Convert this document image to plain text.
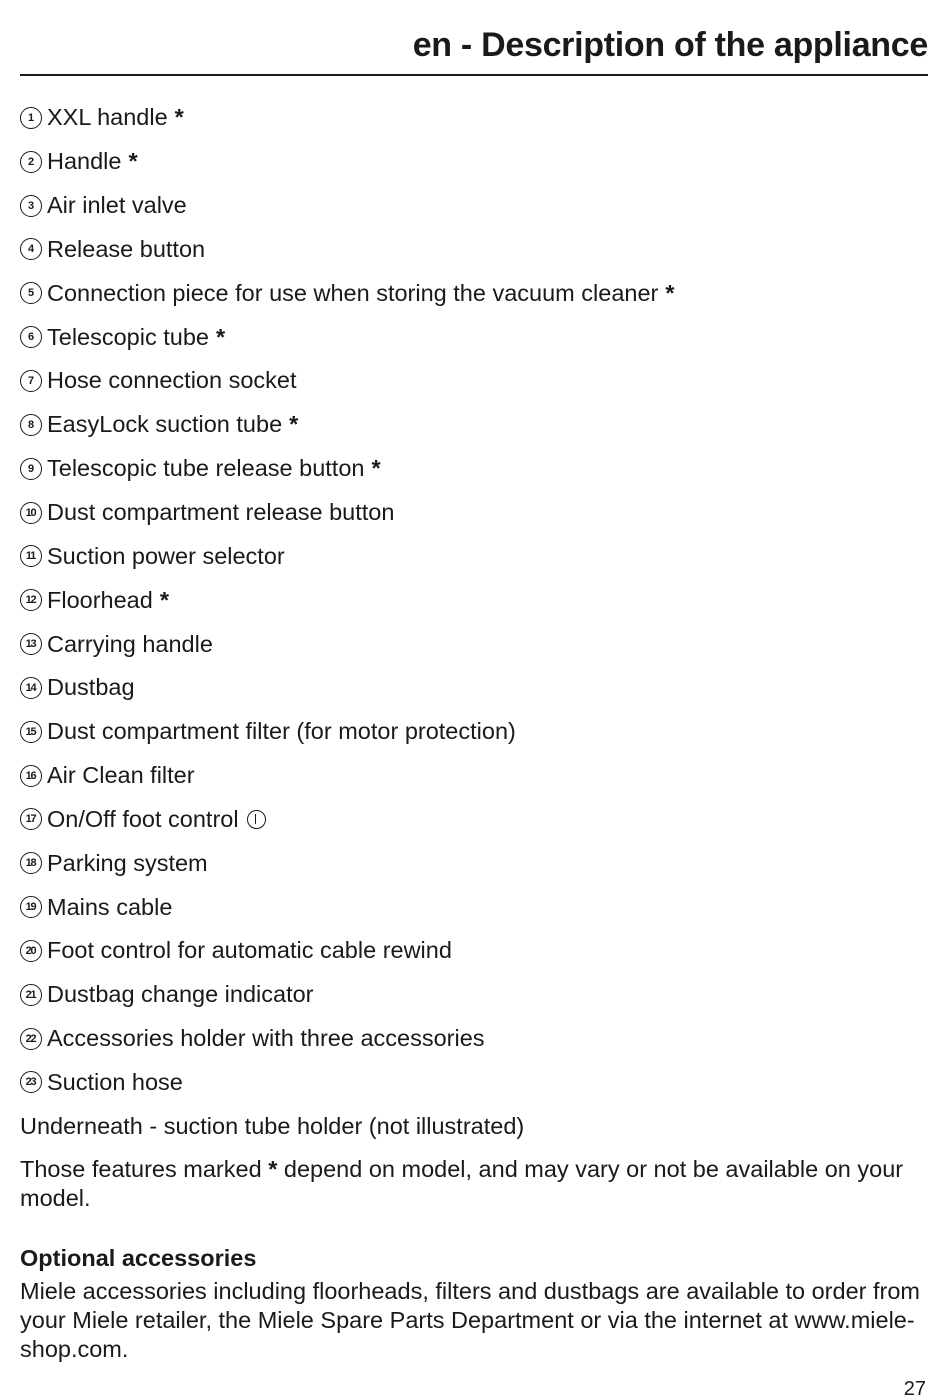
en - Description of the appliance
1 XXL handle *
2 Handle *
3 Air inlet valve
4 Release button
5 Connection piece for use when storing the vacuum cleaner *
6 Telescopic tube *
7 Hose connection socket
8 EasyLock suction tube *
9 Telescopic tube release button *
10 Dust compartment release button
11 Suction power selector
12 Floorhead *
13 Carrying handle
14 Dustbag
15 Dust compartment filter (for motor protection)
16 Air Clean filter
17 On/Off foot control
18 Parking system
19 Mains cable
20 Foot control for automatic cable rewind
21 Dustbag change indicator
22 Accessories holder with three accessories
23 Suction hose

Underneath - suction tube holder (not illustrated)

Those features marked * depend on model, and may vary or not be available on your model.

Optional accessories

Miele accessories including floorheads, filters and dustbags are available to order from your Miele retailer, the Miele Spare Parts Department or via the internet at www.miele-shop.com.

27
